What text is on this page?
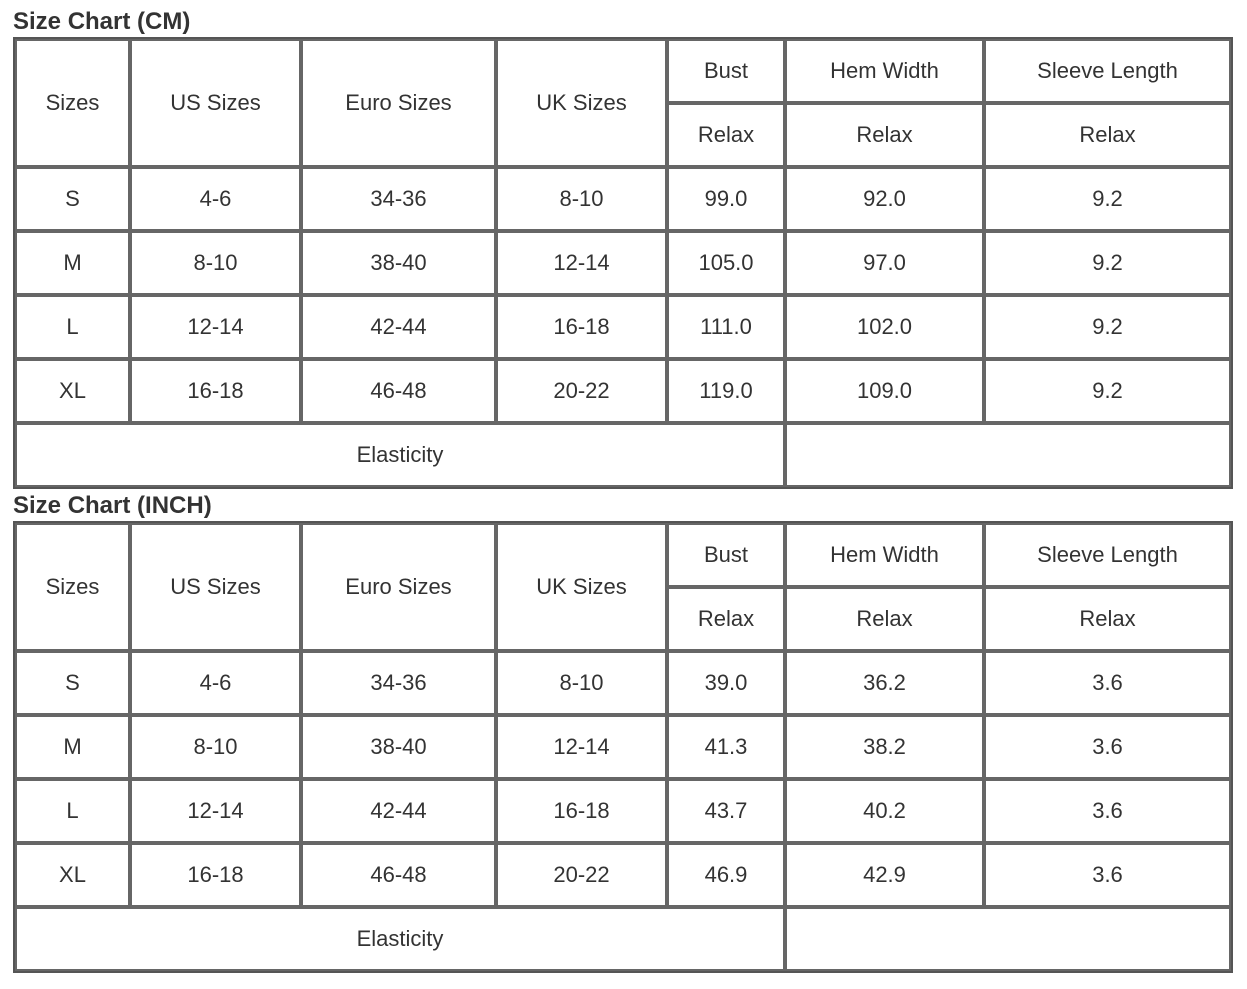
Size Chart (CM)
Sizes	US Sizes	Euro Sizes	UK Sizes	Bust	Hem Width	Sleeve Length
				Relax	Relax	Relax
S	4-6	34-36	8-10	99.0	92.0	9.2
M	8-10	38-40	12-14	105.0	97.0	9.2
L	12-14	42-44	16-18	111.0	102.0	9.2
XL	16-18	46-48	20-22	119.0	109.0	9.2
Elasticity						
Size Chart (INCH)
Sizes	US Sizes	Euro Sizes	UK Sizes	Bust	Hem Width	Sleeve Length
				Relax	Relax	Relax
S	4-6	34-36	8-10	39.0	36.2	3.6
M	8-10	38-40	12-14	41.3	38.2	3.6
L	12-14	42-44	16-18	43.7	40.2	3.6
XL	16-18	46-48	20-22	46.9	42.9	3.6
Elasticity						
